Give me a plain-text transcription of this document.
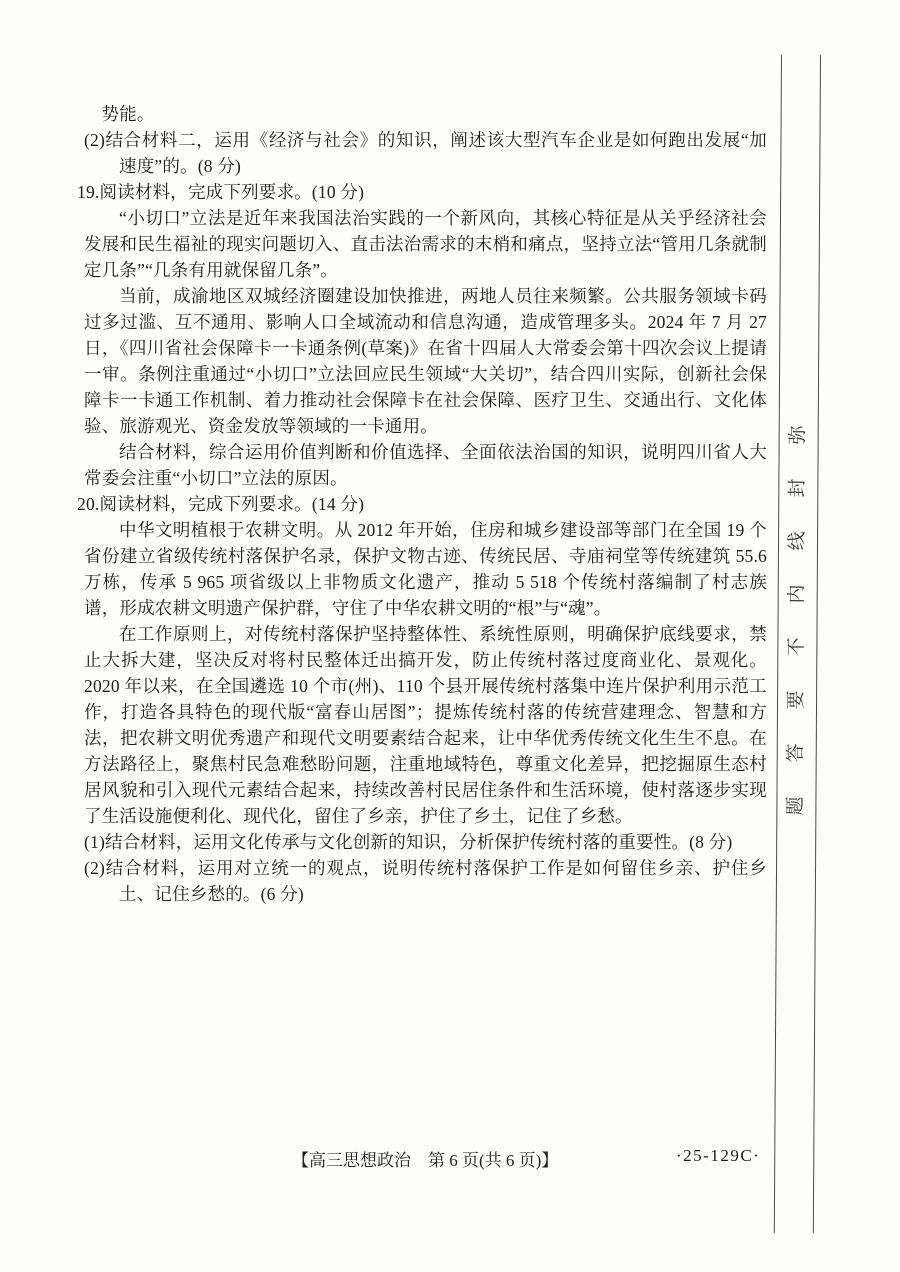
势能。
(2)结合材料二，运用《经济与社会》的知识，阐述该大型汽车企业是如何跑出发展“加速度”的。(8 分)
19.阅读材料，完成下列要求。(10 分)
“小切口”立法是近年来我国法治实践的一个新风向，其核心特征是从关乎经济社会发展和民生福祉的现实问题切入、直击法治需求的末梢和痛点，坚持立法“管用几条就制定几条”“几条有用就保留几条”。
当前，成渝地区双城经济圈建设加快推进，两地人员往来频繁。公共服务领域卡码过多过滥、互不通用、影响人口全域流动和信息沟通，造成管理多头。2024 年 7 月 27 日，《四川省社会保障卡一卡通条例(草案)》在省十四届人大常委会第十四次会议上提请一审。条例注重通过“小切口”立法回应民生领域“大关切”，结合四川实际，创新社会保障卡一卡通工作机制、着力推动社会保障卡在社会保障、医疗卫生、交通出行、文化体验、旅游观光、资金发放等领域的一卡通用。
结合材料，综合运用价值判断和价值选择、全面依法治国的知识，说明四川省人大常委会注重“小切口”立法的原因。
20.阅读材料，完成下列要求。(14 分)
中华文明植根于农耕文明。从 2012 年开始，住房和城乡建设部等部门在全国 19 个省份建立省级传统村落保护名录，保护文物古迹、传统民居、寺庙祠堂等传统建筑 55.6 万栋，传承 5 965 项省级以上非物质文化遗产，推动 5 518 个传统村落编制了村志族谱，形成农耕文明遗产保护群，守住了中华农耕文明的“根”与“魂”。
在工作原则上，对传统村落保护坚持整体性、系统性原则，明确保护底线要求，禁止大拆大建，坚决反对将村民整体迁出搞开发，防止传统村落过度商业化、景观化。2020 年以来，在全国遴选 10 个市(州)、110 个县开展传统村落集中连片保护利用示范工作，打造各具特色的现代版“富春山居图”；提炼传统村落的传统营建理念、智慧和方法，把农耕文明优秀遗产和现代文明要素结合起来，让中华优秀传统文化生生不息。在方法路径上，聚焦村民急难愁盼问题，注重地域特色，尊重文化差异，把挖掘原生态村居风貌和引入现代元素结合起来，持续改善村民居住条件和生活环境，使村落逐步实现了生活设施便利化、现代化，留住了乡亲，护住了乡土，记住了乡愁。
(1)结合材料，运用文化传承与文化创新的知识，分析保护传统村落的重要性。(8 分)
(2)结合材料，运用对立统一的观点，说明传统村落保护工作是如何留住乡亲、护住乡土、记住乡愁的。(6 分)
弥
封
线
内
不
要
答
题
【高三思想政治　第 6 页(共 6 页)】	·25-129C·
